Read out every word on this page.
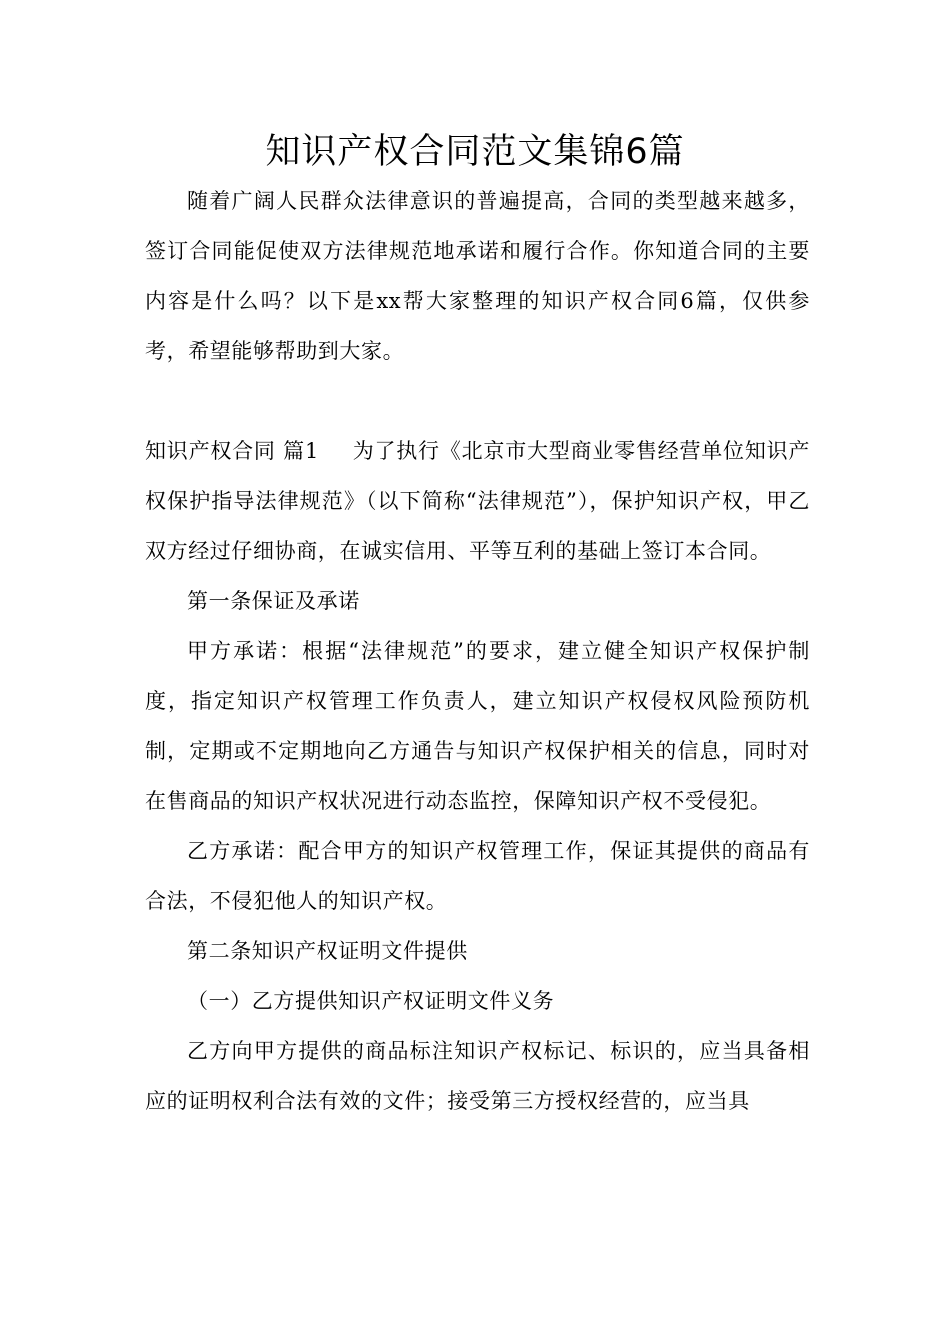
知识产权合同范文集锦6篇

随着广阔人民群众法律意识的普遍提高，合同的类型越来越多，签订合同能促使双方法律规范地承诺和履行合作。你知道合同的主要内容是什么吗？以下是xx帮大家整理的知识产权合同6篇，仅供参考，希望能够帮助到大家。

知识产权合同 篇1 为了执行《北京市大型商业零售经营单位知识产权保护指导法律规范》（以下简称“法律规范”），保护知识产权，甲乙双方经过仔细协商，在诚实信用、平等互利的基础上签订本合同。

第一条保证及承诺

甲方承诺：根据“法律规范”的要求，建立健全知识产权保护制度，指定知识产权管理工作负责人，建立知识产权侵权风险预防机制，定期或不定期地向乙方通告与知识产权保护相关的信息，同时对在售商品的知识产权状况进行动态监控，保障知识产权不受侵犯。

乙方承诺：配合甲方的知识产权管理工作，保证其提供的商品有合法，不侵犯他人的知识产权。

第二条知识产权证明文件提供

（一）乙方提供知识产权证明文件义务

乙方向甲方提供的商品标注知识产权标记、标识的，应当具备相应的证明权利合法有效的文件；接受第三方授权经营的，应当具
